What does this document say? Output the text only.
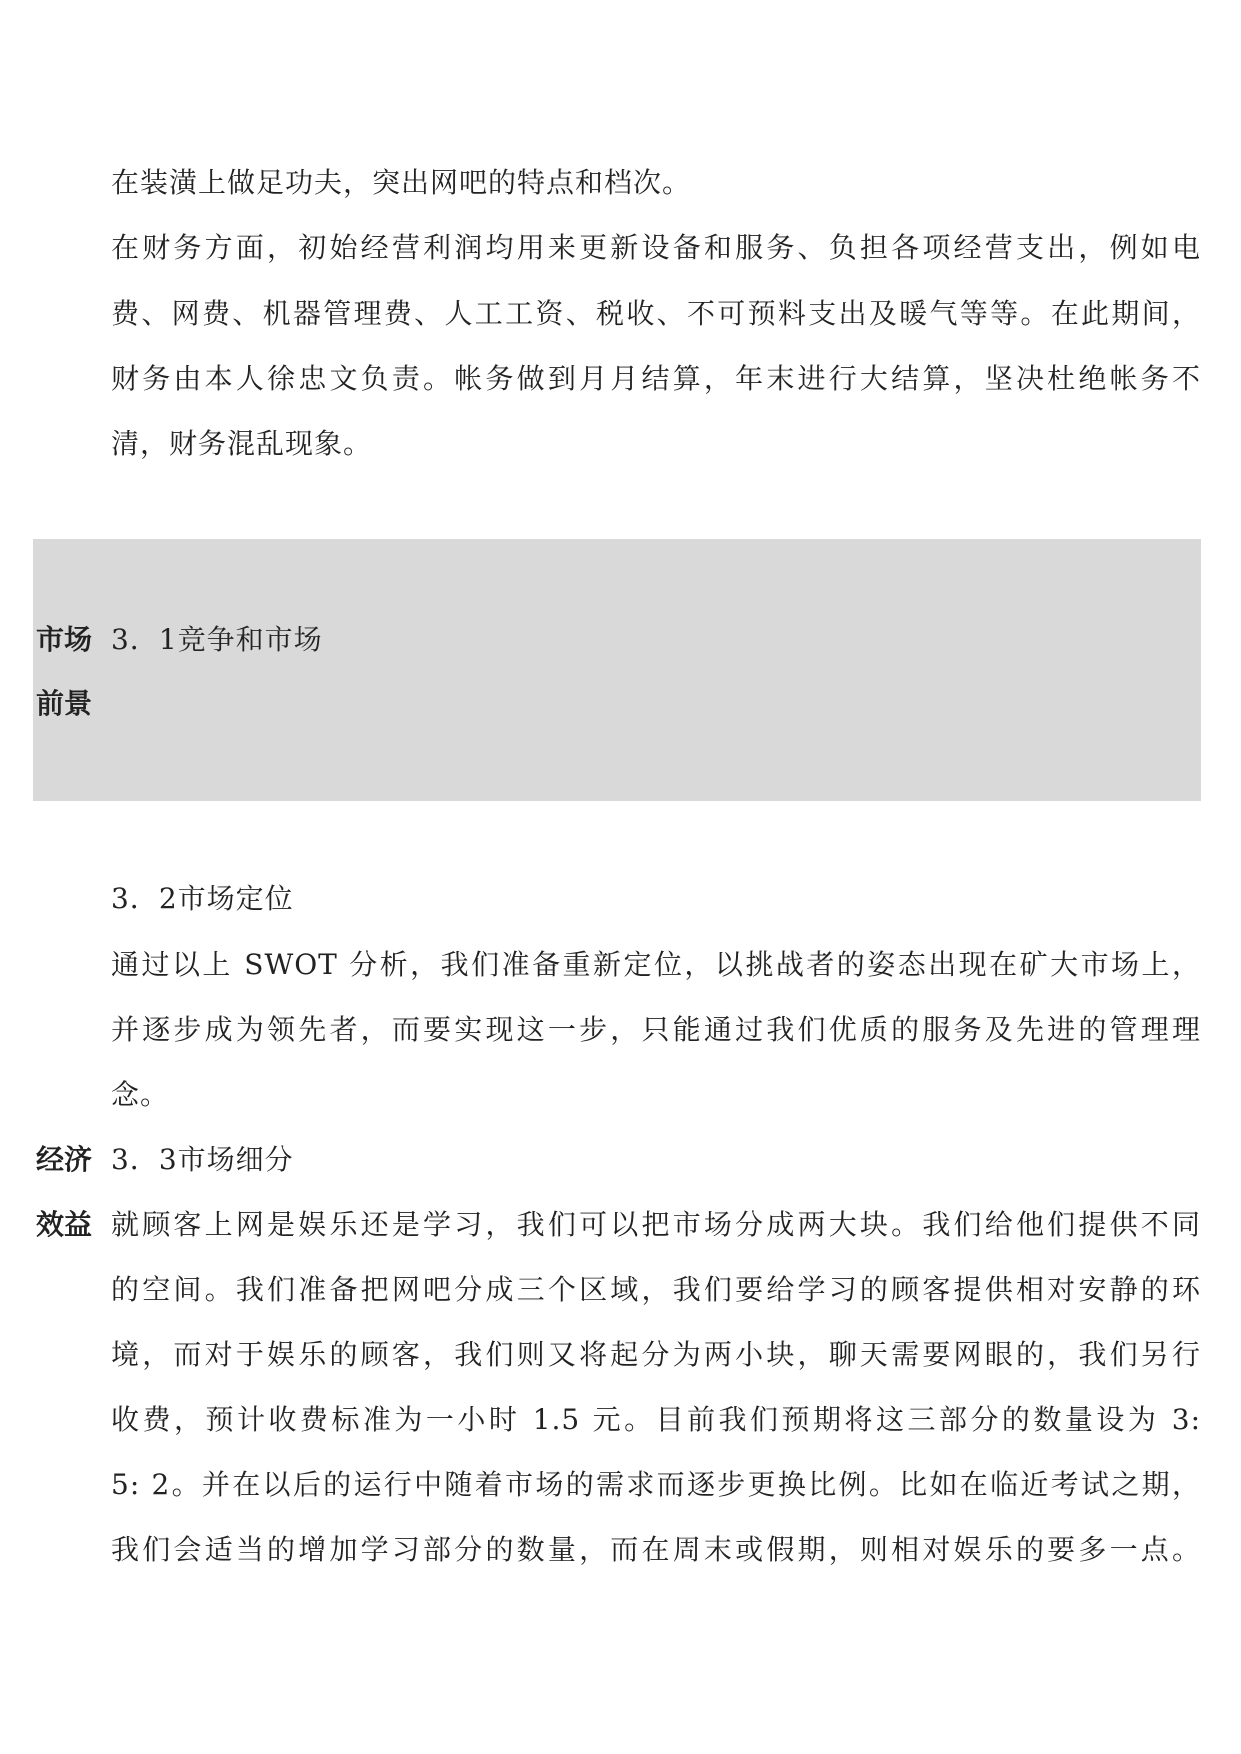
在装潢上做足功夫，突出网吧的特点和档次。

在财务方面，初始经营利润均用来更新设备和服务、负担各项经营支出，例如电

费、网费、机器管理费、人工工资、税收、不可预料支出及暖气等等。在此期间，

财务由本人徐忠文负责。帐务做到月月结算，年末进行大结算，坚决杜绝帐务不

清，财务混乱现象。

市场

前景

3．1竞争和市场

3．2市场定位

通过以上 SWOT 分析，我们准备重新定位，以挑战者的姿态出现在矿大市场上，

并逐步成为领先者，而要实现这一步，只能通过我们优质的服务及先进的管理理

念。

经济

效益

3．3市场细分

就顾客上网是娱乐还是学习，我们可以把市场分成两大块。我们给他们提供不同

的空间。我们准备把网吧分成三个区域，我们要给学习的顾客提供相对安静的环

境，而对于娱乐的顾客，我们则又将起分为两小块，聊天需要网眼的，我们另行

收费，预计收费标准为一小时 1.5 元。目前我们预期将这三部分的数量设为 3:

5: 2。并在以后的运行中随着市场的需求而逐步更换比例。比如在临近考试之期，

我们会适当的增加学习部分的数量，而在周末或假期，则相对娱乐的要多一点。
